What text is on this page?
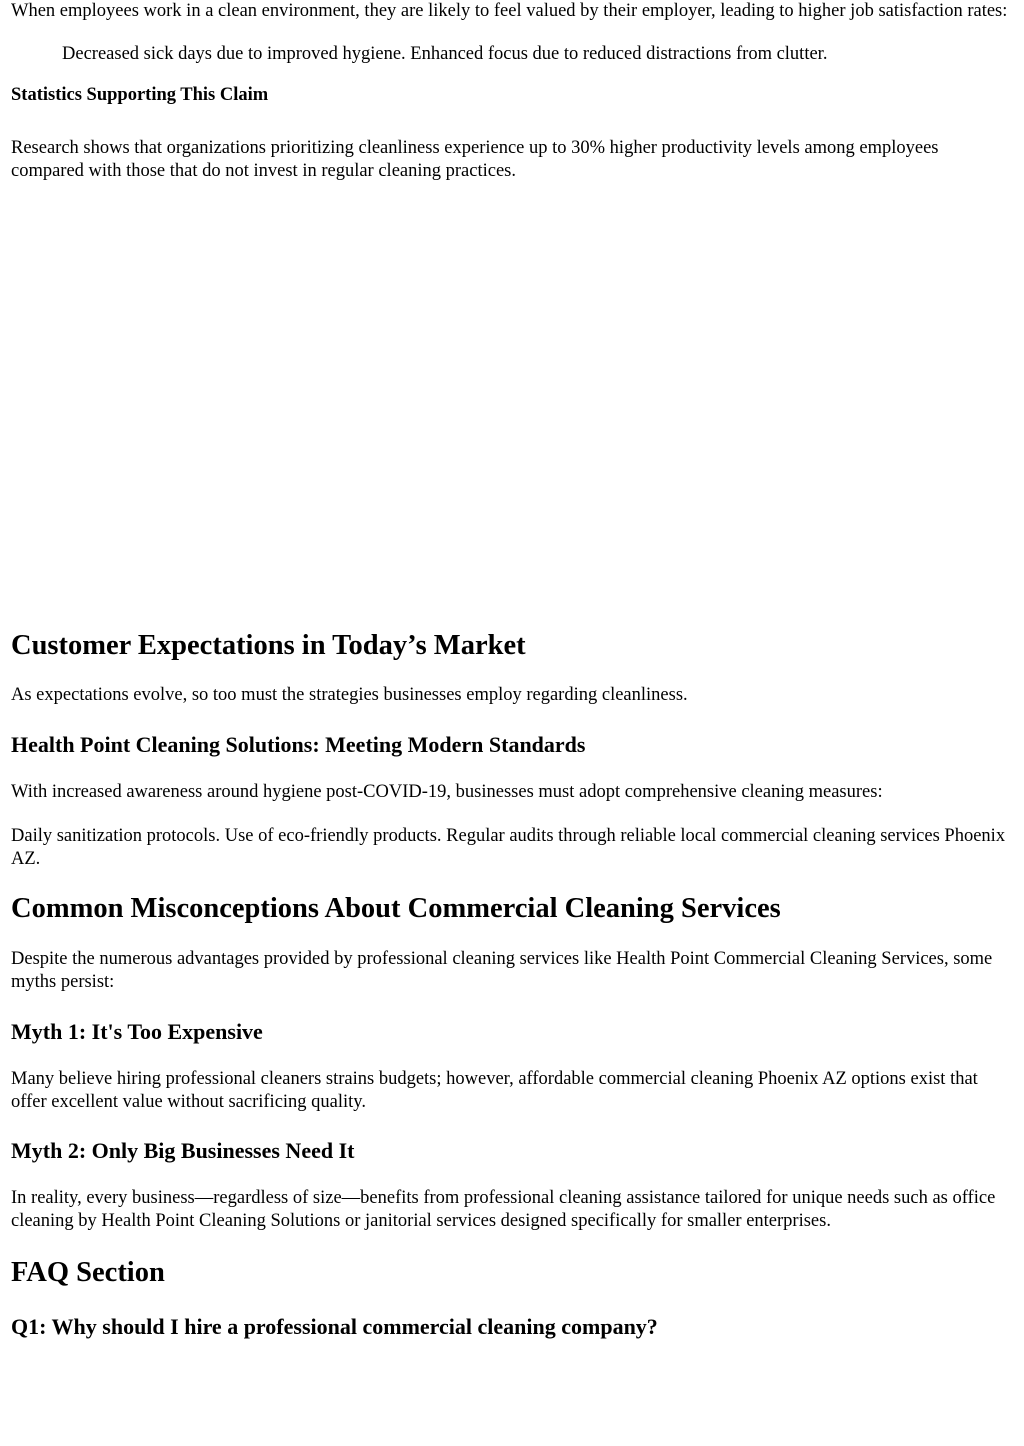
When employees work in a clean environment, they are likely to feel valued by their employer, leading to higher job satisfaction rates:

Decreased sick days due to improved hygiene. Enhanced focus due to reduced distractions from clutter.

Statistics Supporting This Claim

Research shows that organizations prioritizing cleanliness experience up to 30% higher productivity levels among employees compared with those that do not invest in regular cleaning practices.

Customer Expectations in Today’s Market

As expectations evolve, so too must the strategies businesses employ regarding cleanliness.

Health Point Cleaning Solutions: Meeting Modern Standards

With increased awareness around hygiene post-COVID-19, businesses must adopt comprehensive cleaning measures:

Daily sanitization protocols. Use of eco-friendly products. Regular audits through reliable local commercial cleaning services Phoenix AZ.

Common Misconceptions About Commercial Cleaning Services

Despite the numerous advantages provided by professional cleaning services like Health Point Commercial Cleaning Services, some myths persist:

Myth 1: It's Too Expensive

Many believe hiring professional cleaners strains budgets; however, affordable commercial cleaning Phoenix AZ options exist that offer excellent value without sacrificing quality.

Myth 2: Only Big Businesses Need It

In reality, every business—regardless of size—benefits from professional cleaning assistance tailored for unique needs such as office cleaning by Health Point Cleaning Solutions or janitorial services designed specifically for smaller enterprises.

FAQ Section
Q1: Why should I hire a professional commercial cleaning company?
